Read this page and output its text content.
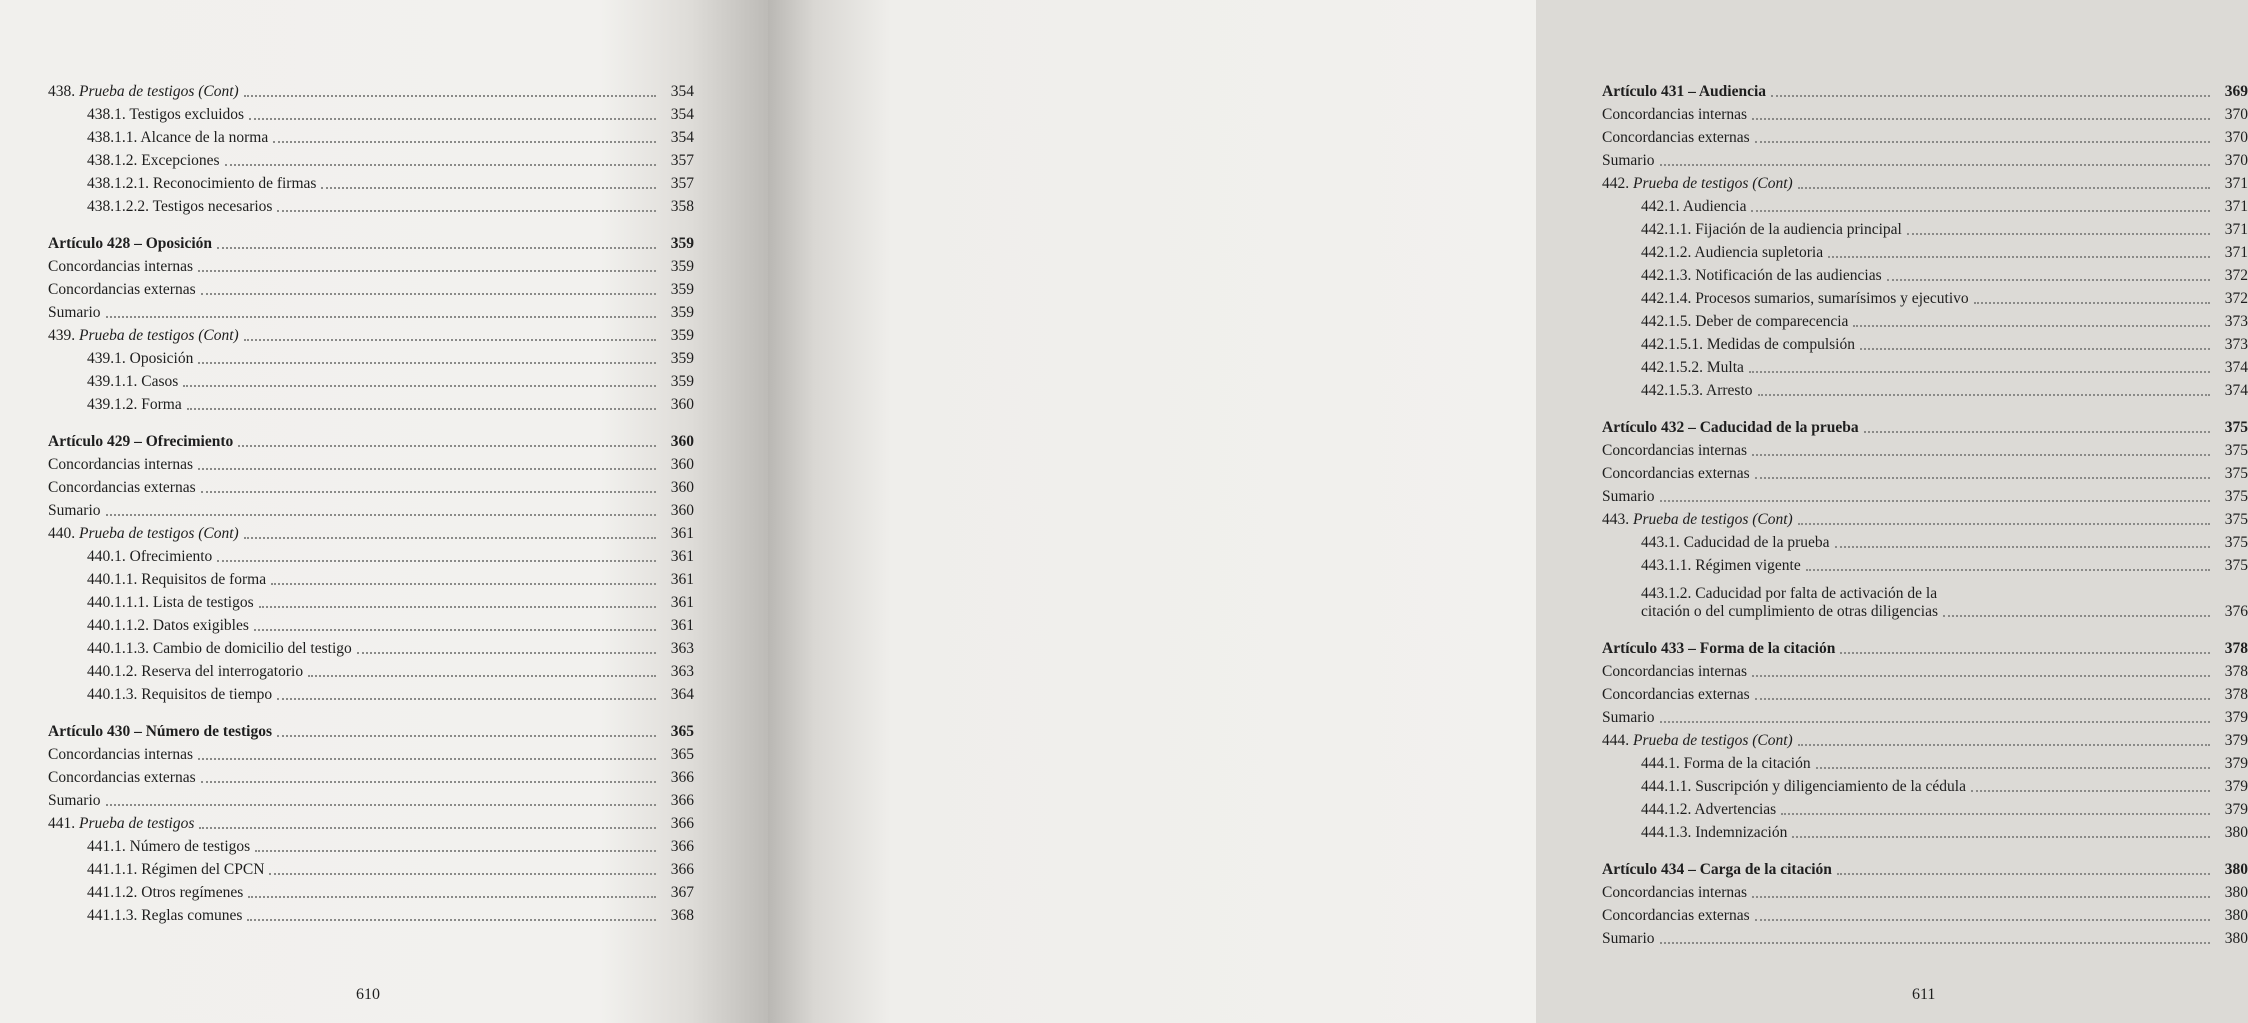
438. Prueba de testigos (Cont)	354
438.1. Testigos excluidos	354
438.1.1. Alcance de la norma	354
438.1.2. Excepciones	357
438.1.2.1. Reconocimiento de firmas	357
438.1.2.2. Testigos necesarios	358
Artículo 428 – Oposición	359
Concordancias internas	359
Concordancias externas	359
Sumario	359
439. Prueba de testigos (Cont)	359
439.1. Oposición	359
439.1.1. Casos	359
439.1.2. Forma	360
Artículo 429 – Ofrecimiento	360
Concordancias internas	360
Concordancias externas	360
Sumario	360
440. Prueba de testigos (Cont)	361
440.1. Ofrecimiento	361
440.1.1. Requisitos de forma	361
440.1.1.1. Lista de testigos	361
440.1.1.2. Datos exigibles	361
440.1.1.3. Cambio de domicilio del testigo	363
440.1.2. Reserva del interrogatorio	363
440.1.3. Requisitos de tiempo	364
Artículo 430 – Número de testigos	365
Concordancias internas	365
Concordancias externas	366
Sumario	366
441. Prueba de testigos	366
441.1. Número de testigos	366
441.1.1. Régimen del CPCN	366
441.1.2. Otros regímenes	367
441.1.3. Reglas comunes	368
610
Artículo 431 – Audiencia	369
Concordancias internas	370
Concordancias externas	370
Sumario	370
442. Prueba de testigos (Cont)	371
442.1. Audiencia	371
442.1.1. Fijación de la audiencia principal	371
442.1.2. Audiencia supletoria	371
442.1.3. Notificación de las audiencias	372
442.1.4. Procesos sumarios, sumarísimos y ejecutivo	372
442.1.5. Deber de comparecencia	373
442.1.5.1. Medidas de compulsión	373
442.1.5.2. Multa	374
442.1.5.3. Arresto	374
Artículo 432 – Caducidad de la prueba	375
Concordancias internas	375
Concordancias externas	375
Sumario	375
443. Prueba de testigos (Cont)	375
443.1. Caducidad de la prueba	375
443.1.1. Régimen vigente	375
443.1.2. Caducidad por falta de activación de la
citación o del cumplimiento de otras diligencias	376
Artículo 433 – Forma de la citación	378
Concordancias internas	378
Concordancias externas	378
Sumario	379
444. Prueba de testigos (Cont)	379
444.1. Forma de la citación	379
444.1.1. Suscripción y diligenciamiento de la cédula	379
444.1.2. Advertencias	379
444.1.3. Indemnización	380
Artículo 434 – Carga de la citación	380
Concordancias internas	380
Concordancias externas	380
Sumario	380
611
